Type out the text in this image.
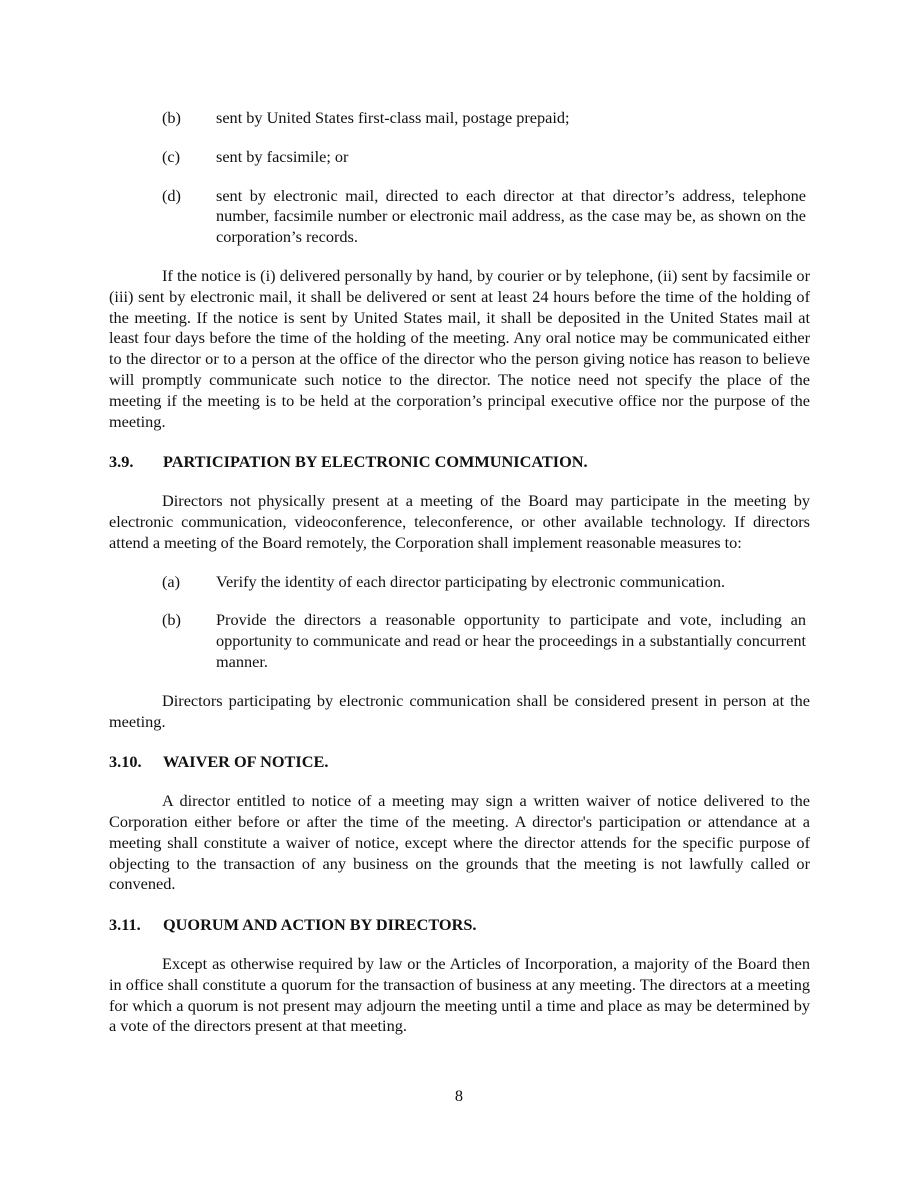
(b)	sent by United States first-class mail, postage prepaid;
(c)	sent by facsimile; or
(d)	sent by electronic mail, directed to each director at that director’s address, telephone number, facsimile number or electronic mail address, as the case may be, as shown on the corporation’s records.

If the notice is (i) delivered personally by hand, by courier or by telephone, (ii) sent by facsimile or (iii) sent by electronic mail, it shall be delivered or sent at least 24 hours before the time of the holding of the meeting. If the notice is sent by United States mail, it shall be deposited in the United States mail at least four days before the time of the holding of the meeting. Any oral notice may be communicated either to the director or to a person at the office of the director who the person giving notice has reason to believe will promptly communicate such notice to the director. The notice need not specify the place of the meeting if the meeting is to be held at the corporation’s principal executive office nor the purpose of the meeting.

3.9.	PARTICIPATION BY ELECTRONIC COMMUNICATION.

Directors not physically present at a meeting of the Board may participate in the meeting by electronic communication, videoconference, teleconference, or other available technology. If directors attend a meeting of the Board remotely, the Corporation shall implement reasonable measures to:

(a)	Verify the identity of each director participating by electronic communication.
(b)	Provide the directors a reasonable opportunity to participate and vote, including an opportunity to communicate and read or hear the proceedings in a substantially concurrent manner.

Directors participating by electronic communication shall be considered present in person at the meeting.

3.10.	WAIVER OF NOTICE.

A director entitled to notice of a meeting may sign a written waiver of notice delivered to the Corporation either before or after the time of the meeting. A director's participation or attendance at a meeting shall constitute a waiver of notice, except where the director attends for the specific purpose of objecting to the transaction of any business on the grounds that the meeting is not lawfully called or convened.

3.11.	QUORUM AND ACTION BY DIRECTORS.

Except as otherwise required by law or the Articles of Incorporation, a majority of the Board then in office shall constitute a quorum for the transaction of business at any meeting. The directors at a meeting for which a quorum is not present may adjourn the meeting until a time and place as may be determined by a vote of the directors present at that meeting.

8
